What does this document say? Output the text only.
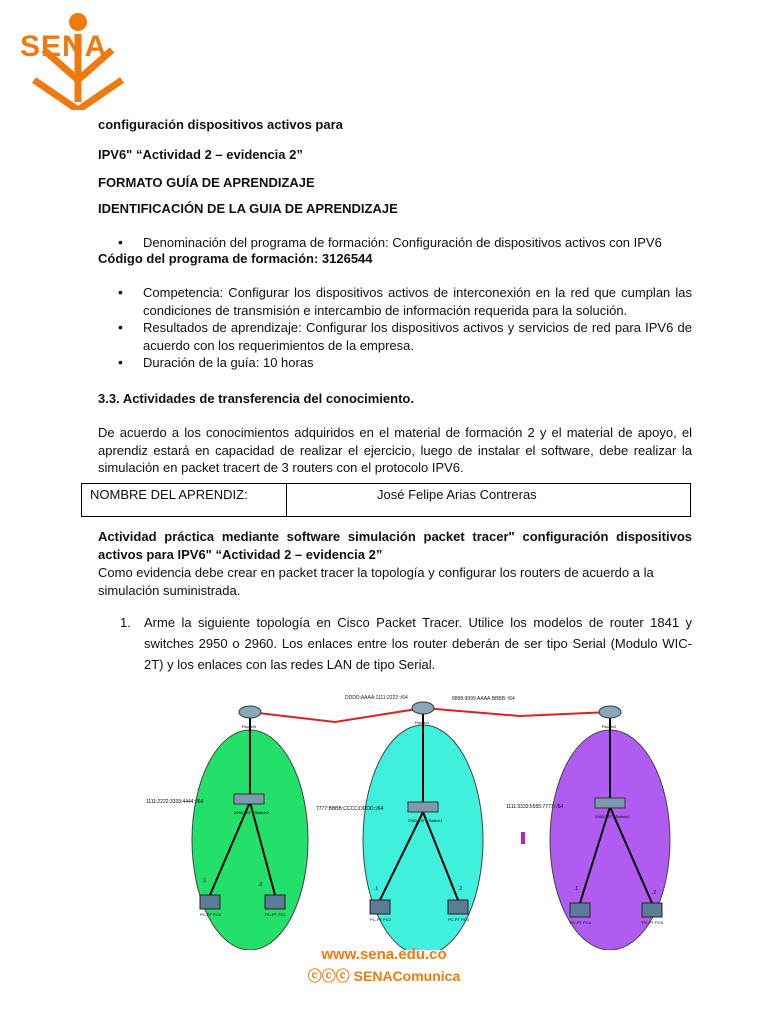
SENA
configuración dispositivos activos para
IPV6" “Actividad 2 – evidencia 2”
FORMATO GUÍA DE APRENDIZAJE
IDENTIFICACIÓN DE LA GUIA DE APRENDIZAJE
• Denominación del programa de formación: Configuración de dispositivos activos con IPV6
Código del programa de formación: 3126544
• Competencia: Configurar los dispositivos activos de interconexión en la red que cumplan las condiciones de transmisión e intercambio de información requerida para la solución.
• Resultados de aprendizaje: Configurar los dispositivos activos y servicios de red para IPV6 de acuerdo con los requerimientos de la empresa.
• Duración de la guía: 10 horas
3.3. Actividades de transferencia del conocimiento.
De acuerdo a los conocimientos adquiridos en el material de formación 2 y el material de apoyo, el aprendiz estará en capacidad de realizar el ejercicio, luego de instalar el software, debe realizar la simulación en packet tracert de 3 routers con el protocolo IPV6.
NOMBRE DEL APRENDIZ:	José Felipe Arias Contreras
Actividad práctica mediante software simulación packet tracer" configuración dispositivos activos para IPV6" “Actividad 2 – evidencia 2”
Como evidencia debe crear en packet tracer la topología y configurar los routers de acuerdo a la simulación suministrada.
1. Arme la siguiente topología en Cisco Packet Tracer. Utilice los modelos de router 1841 y switches 2950 o 2960. Los enlaces entre los router deberán de ser tipo Serial (Modulo WIC-2T) y los enlaces con las redes LAN de tipo Serial.
DDDD:AAAA:1111:2222::/64	8888:9999:AAAA:BBBB::/64
Router0
Router1
Router2
2950-24TT Switch0
2950-24TT Switch1
2950-24TT Switch2
1111:2222:3333:4444::/64
7777:BBBB:CCCC:DDDD::/64	1111:3333:5555:7777::/64
PC-PT PC0	PC-PT PC1
PC-PT PC2	PC-PT PC3
PC-PT PC4	PC-PT PC5
.1
.2
.1	.2	.1
.2
www.sena.edu.co
ⓒⓒⓒ SENAComunica
